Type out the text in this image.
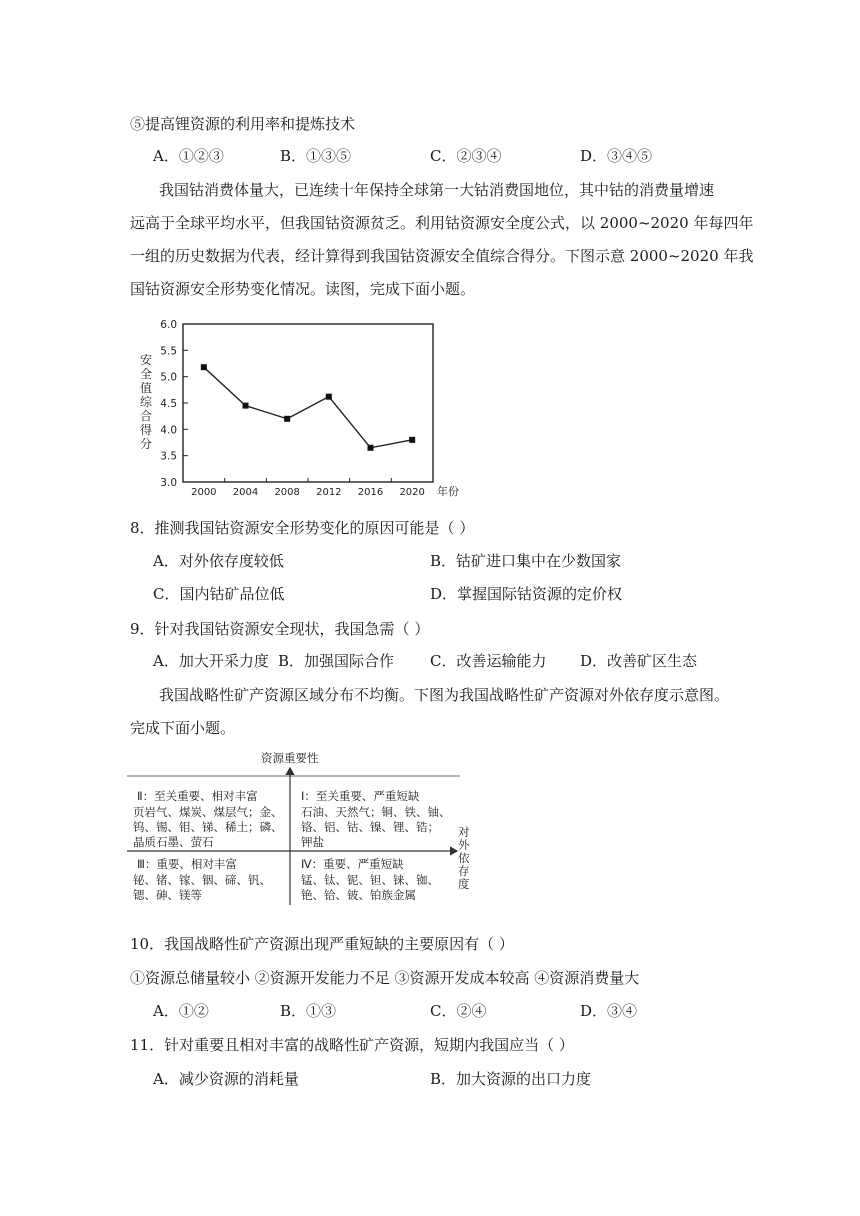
⑤提高锂资源的利用率和提炼技术
A．①②③	B．①③⑤	C．②③④	D．③④⑤
我国钴消费体量大，已连续十年保持全球第一大钴消费国地位，其中钴的消费量增速
远高于全球平均水平，但我国钴资源贫乏。利用钴资源安全度公式，以 2000~2020 年每四年
一组的历史数据为代表，经计算得到我国钴资源安全值综合得分。下图示意 2000~2020 年我
国钴资源安全形势变化情况。读图，完成下面小题。
3.0
3.5
4.0
4.5
5.0
5.5
6.0
2000 2004 2008 2012 2016 2020
安全值综合得分
年份
8．推测我国钴资源安全形势变化的原因可能是（ ）
A．对外依存度较低	B．钴矿进口集中在少数国家
C．国内钴矿品位低	D．掌握国际钴资源的定价权
9．针对我国钴资源安全现状，我国急需（ ）
A．加大开采力度 B．加强国际合作 C．改善运输能力 D．改善矿区生态
我国战略性矿产资源区域分布不均衡。下图为我国战略性矿产资源对外依存度示意图。
完成下面小题。
资源重要性
对
外
依
存
度
Ⅱ：至关重要、相对丰富
页岩气、煤炭、煤层气；金、
钨、锡、钼、锑、稀土；磷、
晶质石墨、萤石
Ⅰ：至关重要、严重短缺
石油、天然气；铜、铁、铀、
铬、铝、钴、镍、锂、锆；
钾盐
Ⅲ：重要、相对丰富
铋、锗、镓、铟、碲、钒、
锶、砷、镁等
Ⅳ：重要、严重短缺
锰、钛、铌、钽、铼、铷、
铯、铪、铍、铂族金属
10．我国战略性矿产资源出现严重短缺的主要原因有（ ）
①资源总储量较小 ②资源开发能力不足 ③资源开发成本较高 ④资源消费量大
A．①②	B．①③	C．②④	D．③④
11．针对重要且相对丰富的战略性矿产资源，短期内我国应当（ ）
A．减少资源的消耗量	B．加大资源的出口力度
